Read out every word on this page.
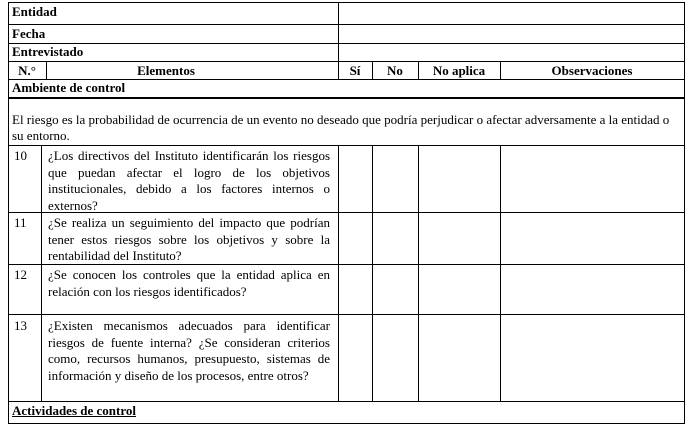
Entidad
Fecha
Entrevistado
N.°	Elementos	Sí	No	No aplica	Observaciones
Ambiente de control
El riesgo es la probabilidad de ocurrencia de un evento no deseado que podría perjudicar o afectar adversamente a la entidad o su entorno.
10 ¿Los directivos del Instituto identificarán los riesgos que puedan afectar el logro de los objetivos institucionales, debido a los factores internos o externos?
11 ¿Se realiza un seguimiento del impacto que podrían tener estos riesgos sobre los objetivos y sobre la rentabilidad del Instituto?
12 ¿Se conocen los controles que la entidad aplica en relación con los riesgos identificados?
13 ¿Existen mecanismos adecuados para identificar riesgos de fuente interna? ¿Se consideran criterios como, recursos humanos, presupuesto, sistemas de información y diseño de los procesos, entre otros?
Actividades de control
